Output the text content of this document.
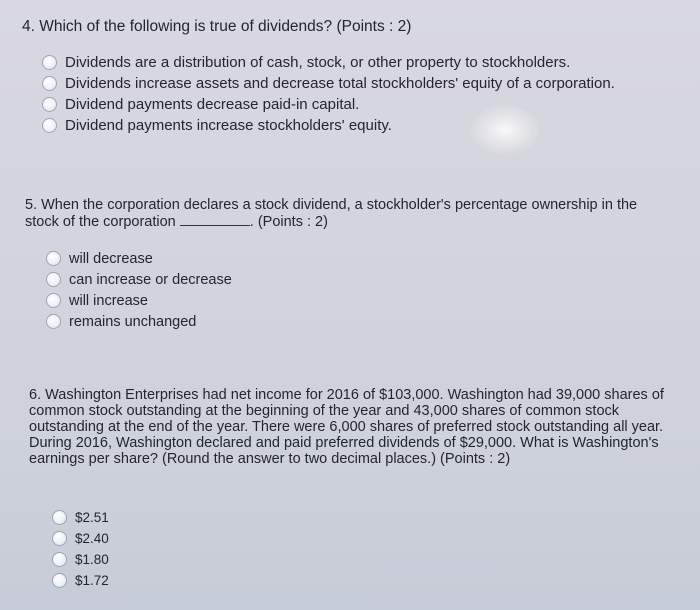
4. Which of the following is true of dividends? (Points : 2)
Dividends are a distribution of cash, stock, or other property to stockholders.
Dividends increase assets and decrease total stockholders' equity of a corporation.
Dividend payments decrease paid-in capital.
Dividend payments increase stockholders' equity.
5. When the corporation declares a stock dividend, a stockholder's percentage ownership in the
stock of the corporation	. (Points : 2)
will decrease
can increase or decrease
will increase
remains unchanged
6. Washington Enterprises had net income for 2016 of $103,000. Washington had 39,000 shares of common stock outstanding at the beginning of the year and 43,000 shares of common stock outstanding at the end of the year. There were 6,000 shares of preferred stock outstanding all year. During 2016, Washington declared and paid preferred dividends of $29,000. What is Washington's earnings per share? (Round the answer to two decimal places.) (Points : 2)
$2.51
$2.40
$1.80
$1.72
